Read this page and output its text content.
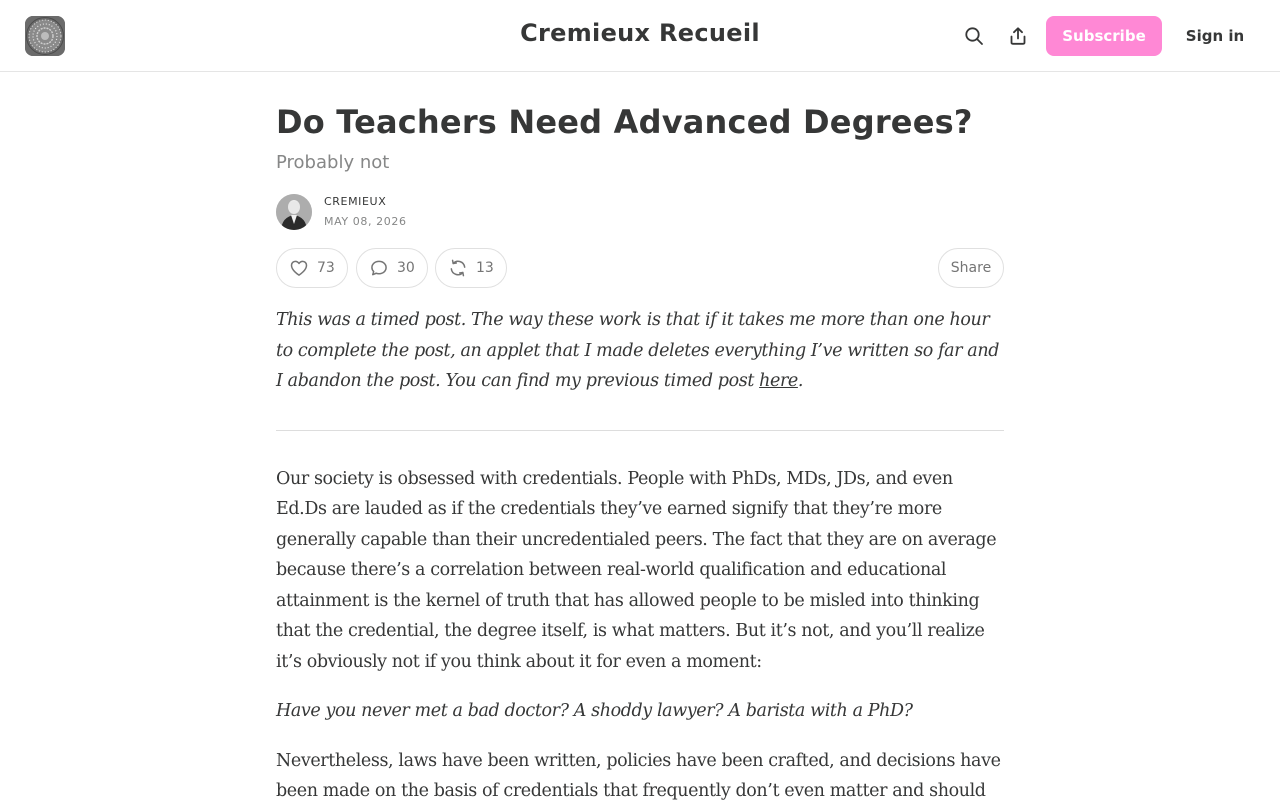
Cremieux Recueil	Subscribe	Sign in
Do Teachers Need Advanced Degrees?
Probably not
CREMIEUX
MAY 08, 2026
73	30	13	Share
This was a timed post. The way these work is that if it takes me more than one hour to complete the post, an applet that I made deletes everything I’ve written so far and I abandon the post. You can find my previous timed post here.
Our society is obsessed with credentials. People with PhDs, MDs, JDs, and even Ed.Ds are lauded as if the credentials they’ve earned signify that they’re more generally capable than their uncredentialed peers. The fact that they are on average because there’s a correlation between real-world qualification and educational attainment is the kernel of truth that has allowed people to be misled into thinking that the credential, the degree itself, is what matters. But it’s not, and you’ll realize it’s obviously not if you think about it for even a moment:
Have you never met a bad doctor? A shoddy lawyer? A barista with a PhD?
Nevertheless, laws have been written, policies have been crafted, and decisions have been made on the basis of credentials that frequently don’t even matter and should
